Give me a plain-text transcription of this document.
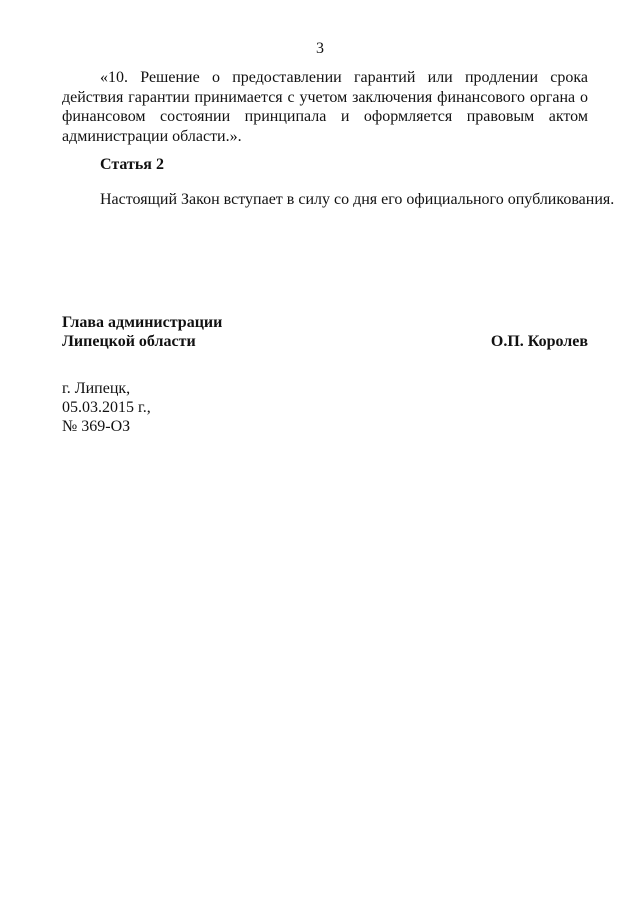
3

«10. Решение о предоставлении гарантий или продлении срока действия гарантии принимается с учетом заключения финансового органа о финансовом состоянии принципала и оформляется правовым актом администрации области.».

Статья 2

Настоящий Закон вступает в силу со дня его официального опубликования.

Глава администрации
Липецкой области	О.П. Королев
г. Липецк,
05.03.2015 г.,
№ 369-ОЗ
